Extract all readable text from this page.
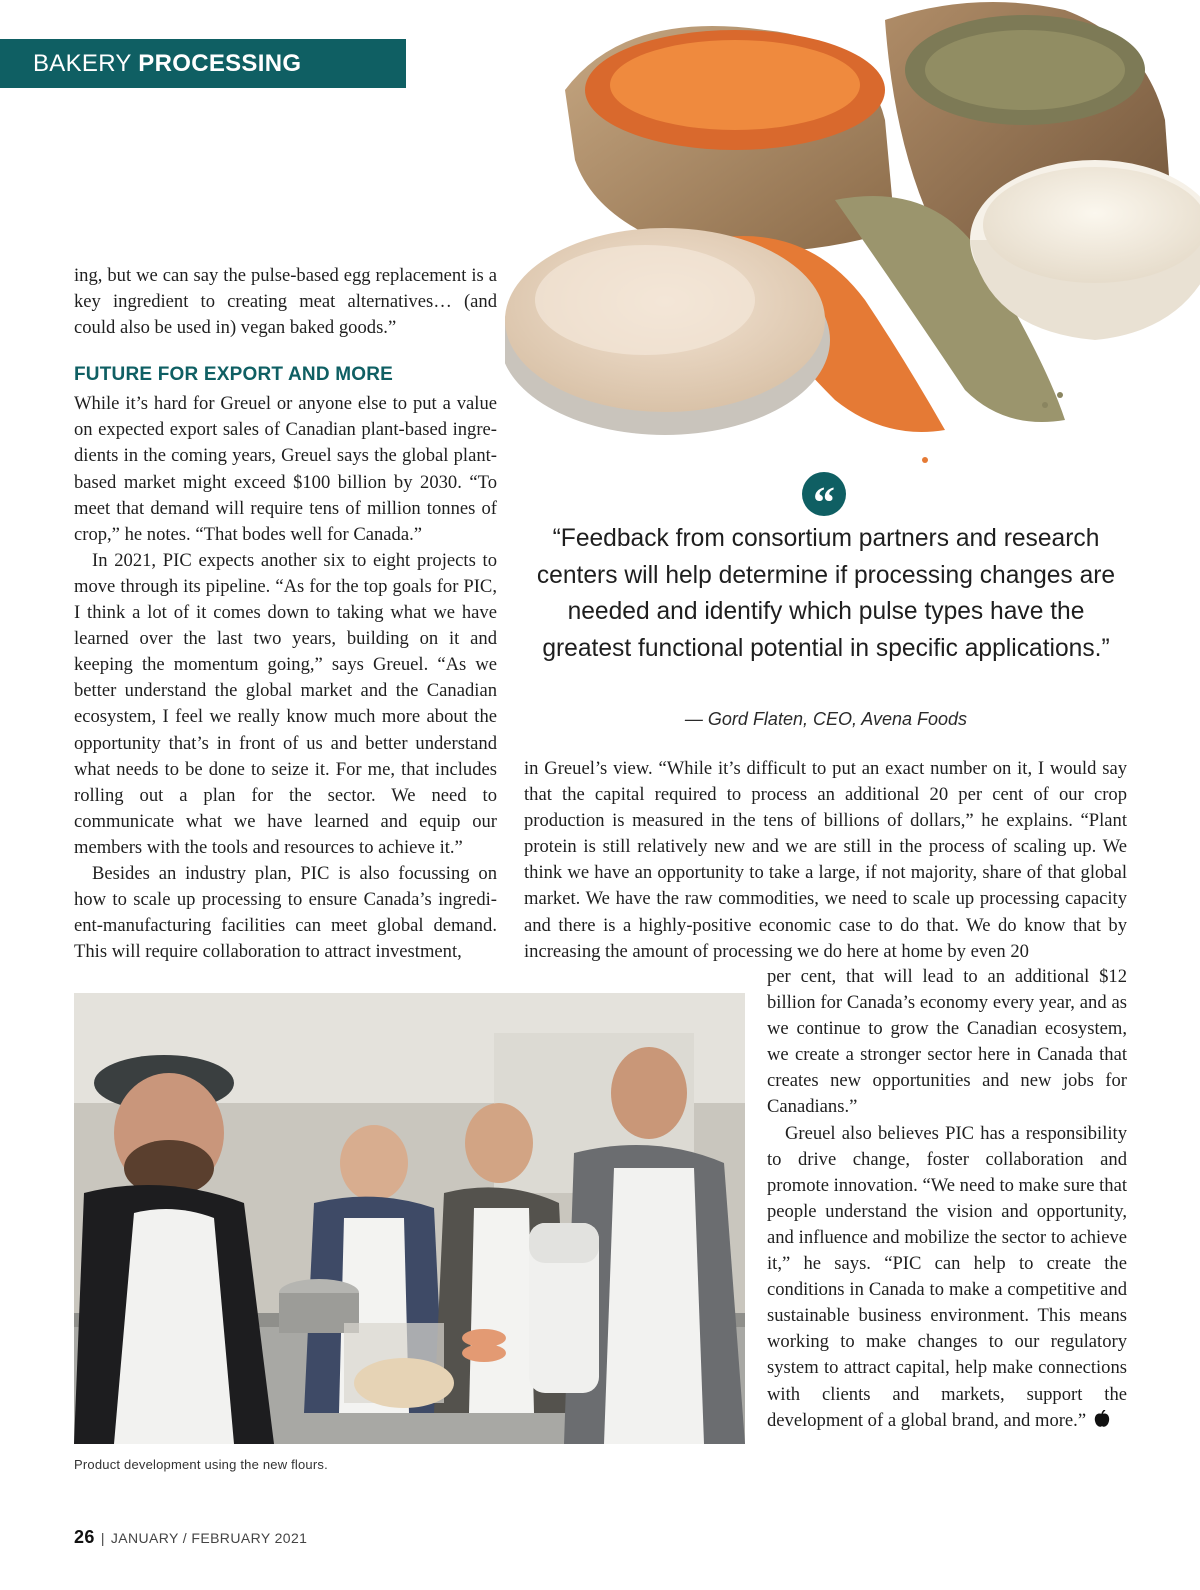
BAKERY PROCESSING

ing, but we can say the pulse-based egg replacement is a key ingredient to creating meat alternatives… (and could also be used in) vegan baked goods.”

FUTURE FOR EXPORT AND MORE

While it’s hard for Greuel or anyone else to put a value on expected export sales of Canadian plant-based ingredients in the coming years, Greuel says the global plant-based market might exceed $100 billion by 2030. “To meet that demand will require tens of million tonnes of crop,” he notes. “That bodes well for Canada.”

In 2021, PIC expects another six to eight projects to move through its pipeline. “As for the top goals for PIC, I think a lot of it comes down to taking what we have learned over the last two years, building on it and keeping the momentum going,” says Greuel. “As we better understand the global market and the Canadian ecosystem, I feel we really know much more about the opportunity that’s in front of us and better understand what needs to be done to seize it. For me, that includes rolling out a plan for the sector. We need to communicate what we have learned and equip our members with the tools and resources to achieve it.”

Besides an industry plan, PIC is also focussing on how to scale up processing to ensure Canada’s ingredient-manufacturing facilities can meet global demand. This will require collaboration to attract investment,

“
“Feedback from consortium partners and research centers will help determine if processing changes are needed and identify which pulse types have the greatest functional potential in specific applications.”
— Gord Flaten, CEO, Avena Foods

in Greuel’s view. “While it’s difficult to put an exact number on it, I would say that the capital required to process an additional 20 per cent of our crop production is measured in the tens of billions of dollars,” he explains. “Plant protein is still relatively new and we are still in the process of scaling up. We think we have an opportunity to take a large, if not majority, share of that global market. We have the raw commodities, we need to scale up processing capacity and there is a highly-positive economic case to do that. We do know that by increasing the amount of processing we do here at home by even 20

per cent, that will lead to an additional $12 billion for Canada’s economy every year, and as we continue to grow the Canadian ecosystem, we create a stronger sector here in Canada that creates new opportunities and new jobs for Canadians.”

Greuel also believes PIC has a responsibility to drive change, foster collaboration and promote innovation. “We need to make sure that people understand the vision and opportunity, and influence and mobilize the sector to achieve it,” he says. “PIC can help to create the conditions in Canada to make a competitive and sustainable business environment. This means working to make changes to our regulatory system to attract capital, help make connections with clients and markets, support the development of a global brand, and more.”

Product development using the new flours.
26 | JANUARY / FEBRUARY 2021
